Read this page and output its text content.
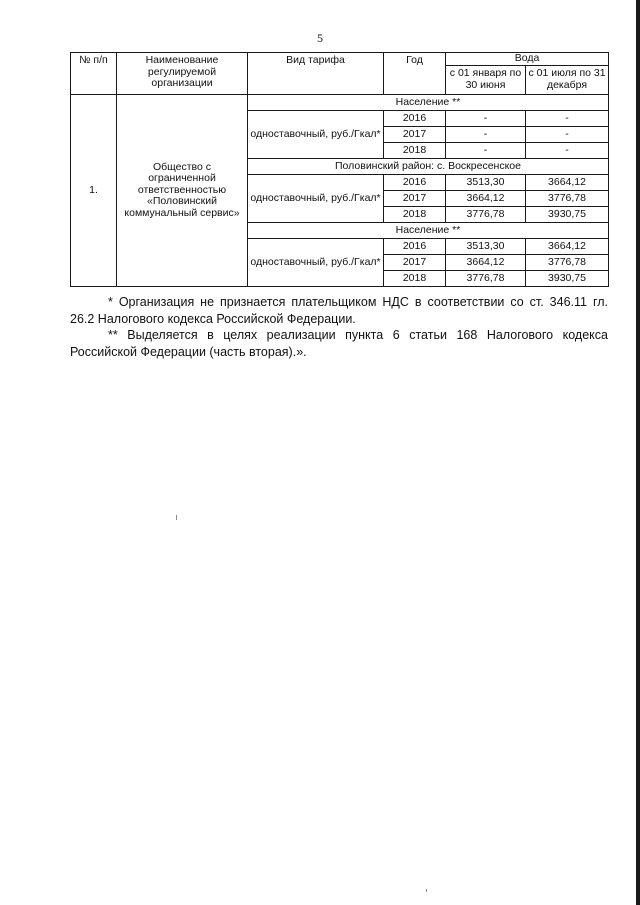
5
№ п/п	Наименование регулируемой организации	Вид тарифа	Год	Вода	
				с 01 января по 30 июня	с 01 июля по 31 декабря
1.	Общество с ограниченной ответственностью «Половинский коммунальный сервис»	Население **			
		одноставочный, руб./Гкал*	2016	-	-
			2017	-	-
			2018	-	-
		Половинский район: с. Воскресенское			
		одноставочный, руб./Гкал*	2016	3513,30	3664,12
			2017	3664,12	3776,78
			2018	3776,78	3930,75
		Население **			
		одноставочный, руб./Гкал*	2016	3513,30	3664,12
			2017	3664,12	3776,78
			2018	3776,78	3930,75

* Организация не признается плательщиком НДС в соответствии со ст. 346.11 гл. 26.2 Налогового кодекса Российской Федерации.

** Выделяется в целях реализации пункта 6 статьи 168 Налогового кодекса Российской Федерации (часть вторая).».
